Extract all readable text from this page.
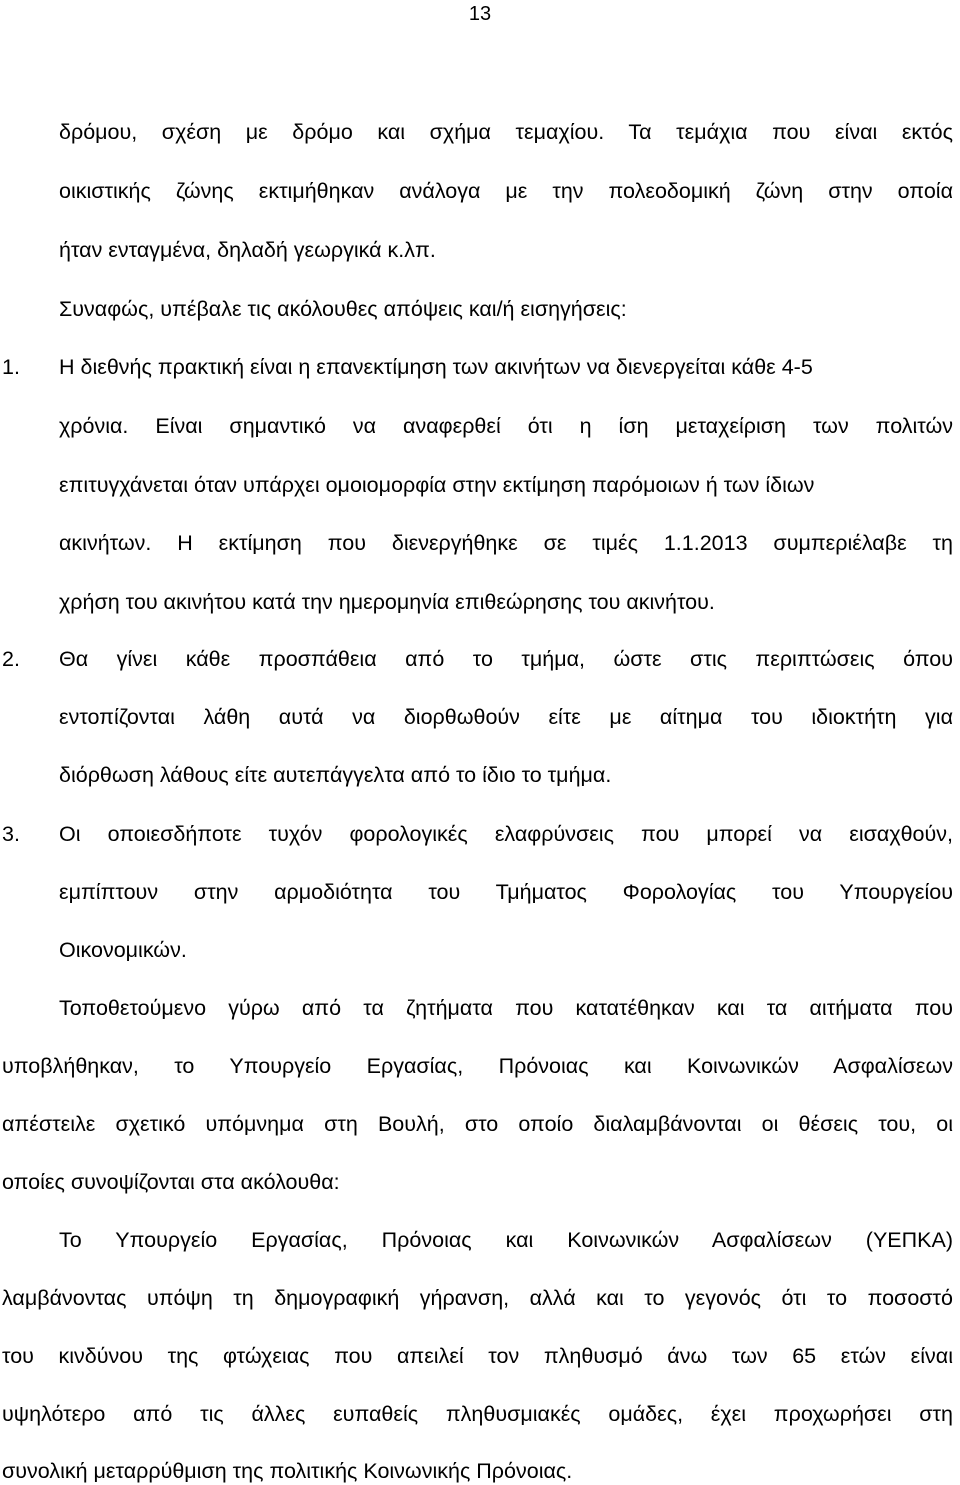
13
δρόμου, σχέση με δρόμο και σχήμα τεμαχίου. Τα τεμάχια που είναι εκτός
οικιστικής ζώνης εκτιμήθηκαν ανάλογα με την πολεοδομική ζώνη στην οποία
ήταν ενταγμένα, δηλαδή γεωργικά κ.λπ.
Συναφώς, υπέβαλε τις ακόλουθες απόψεις και/ή εισηγήσεις:
1. Η διεθνής πρακτική είναι η επανεκτίμηση των ακινήτων να διενεργείται κάθε 4-5
χρόνια. Είναι σημαντικό να αναφερθεί ότι η ίση μεταχείριση των πολιτών
επιτυγχάνεται όταν υπάρχει ομοιομορφία στην εκτίμηση παρόμοιων ή των ίδιων
ακινήτων. Η εκτίμηση που διενεργήθηκε σε τιμές 1.1.2013 συμπεριέλαβε τη
χρήση του ακινήτου κατά την ημερομηνία επιθεώρησης του ακινήτου.
2. Θα γίνει κάθε προσπάθεια από το τμήμα, ώστε στις περιπτώσεις όπου
εντοπίζονται λάθη αυτά να διορθωθούν είτε με αίτημα του ιδιοκτήτη για
διόρθωση λάθους είτε αυτεπάγγελτα από το ίδιο το τμήμα.
3. Οι οποιεσδήποτε τυχόν φορολογικές ελαφρύνσεις που μπορεί να εισαχθούν,
εμπίπτουν στην αρμοδιότητα του Τμήματος Φορολογίας του Υπουργείου
Οικονομικών.
Τοποθετούμενο γύρω από τα ζητήματα που κατατέθηκαν και τα αιτήματα που
υποβλήθηκαν, το Υπουργείο Εργασίας, Πρόνοιας και Κοινωνικών Ασφαλίσεων
απέστειλε σχετικό υπόμνημα στη Βουλή, στο οποίο διαλαμβάνονται οι θέσεις του, οι
οποίες συνοψίζονται στα ακόλουθα:
Το Υπουργείο Εργασίας, Πρόνοιας και Κοινωνικών Ασφαλίσεων (ΥΕΠΚΑ)
λαμβάνοντας υπόψη τη δημογραφική γήρανση, αλλά και το γεγονός ότι το ποσοστό
του κινδύνου της φτώχειας που απειλεί τον πληθυσμό άνω των 65 ετών είναι
υψηλότερο από τις άλλες ευπαθείς πληθυσμιακές ομάδες, έχει προχωρήσει στη
συνολική μεταρρύθμιση της πολιτικής Κοινωνικής Πρόνοιας.
